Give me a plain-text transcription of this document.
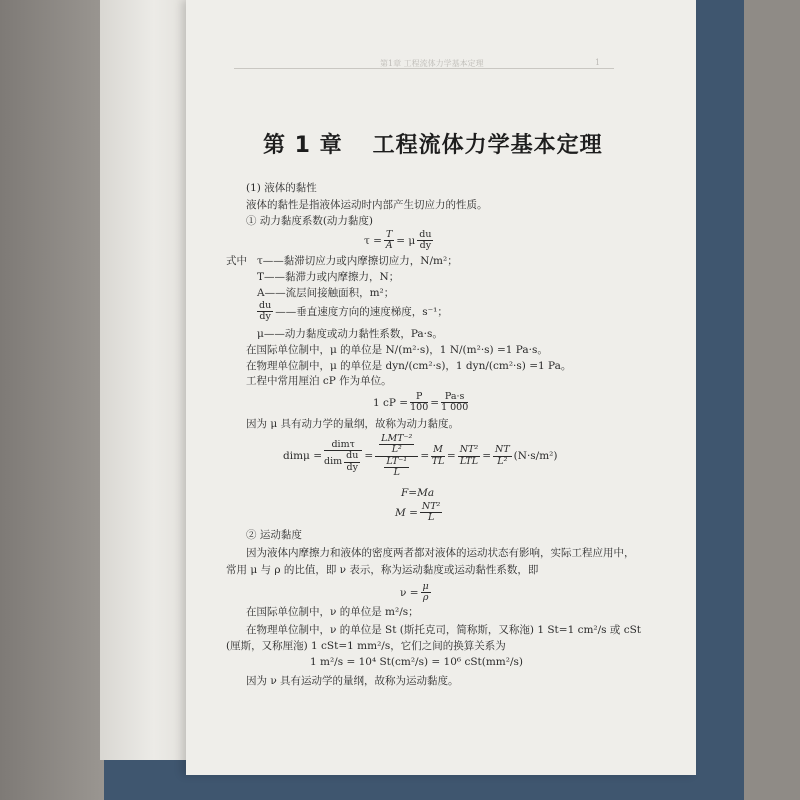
第1章 工程流体力学基本定理	1
第 1 章 工程流体力学基本定理
(1) 液体的黏性
液体的黏性是指液体运动时内部产生切应力的性质。
① 动力黏度系数(动力黏度)
$\tau = \frac{T}{A} = \mu \frac{du}{dy}$
式中 τ——黏滞切应力或内摩擦切应力，N/m²；
T——黏滞力或内摩擦力，N；
A——流层间接触面积，m²；
$\frac{du}{dy}$ ——垂直速度方向的速度梯度，s⁻¹；
μ——动力黏度或动力黏性系数，Pa·s。
在国际单位制中，μ 的单位是 N/(m²·s)，1 N/(m²·s) =1 Pa·s。
在物理单位制中，μ 的单位是 dyn/(cm²·s)，1 dyn/(cm²·s) =1 Pa。
工程中常用厘泊 cP 作为单位。
1 cP = $\frac{P}{100} = \frac{Pa\cdot s}{1 000}$
因为 μ 具有动力学的量纲，故称为动力黏度。
$dim\mu = \frac{\text{dimτ}}{dim \frac{du}{dy}} = \frac{\frac{\text{LMT⁻²}}{\text{L²}}}{\frac{\text{LT⁻¹}}{L}} = \frac{M}{TL} = \frac{\text{NT²}}{\text{LTL}} = \frac{NT}{\text{L²}} (N\cdot s/m^2)$
F=Ma
$M = \frac{\text{NT²}}{L}$
② 运动黏度
因为液体内摩擦力和液体的密度两者都对液体的运动状态有影响，实际工程应用中，
常用 μ 与 ρ 的比值，即 ν 表示，称为运动黏度或运动黏性系数，即
$\nu = \frac{\mu}{\rho}$
在国际单位制中，ν 的单位是 m²/s；
在物理单位制中，ν 的单位是 St (斯托克司，简称斯，又称沲) 1 St=1 cm²/s 或 cSt
(厘斯，又称厘沲) 1 cSt=1 mm²/s，它们之间的换算关系为
1 m²/s = 10⁴ St(cm²/s) = 10⁶ cSt(mm²/s)
因为 ν 具有运动学的量纲，故称为运动黏度。
